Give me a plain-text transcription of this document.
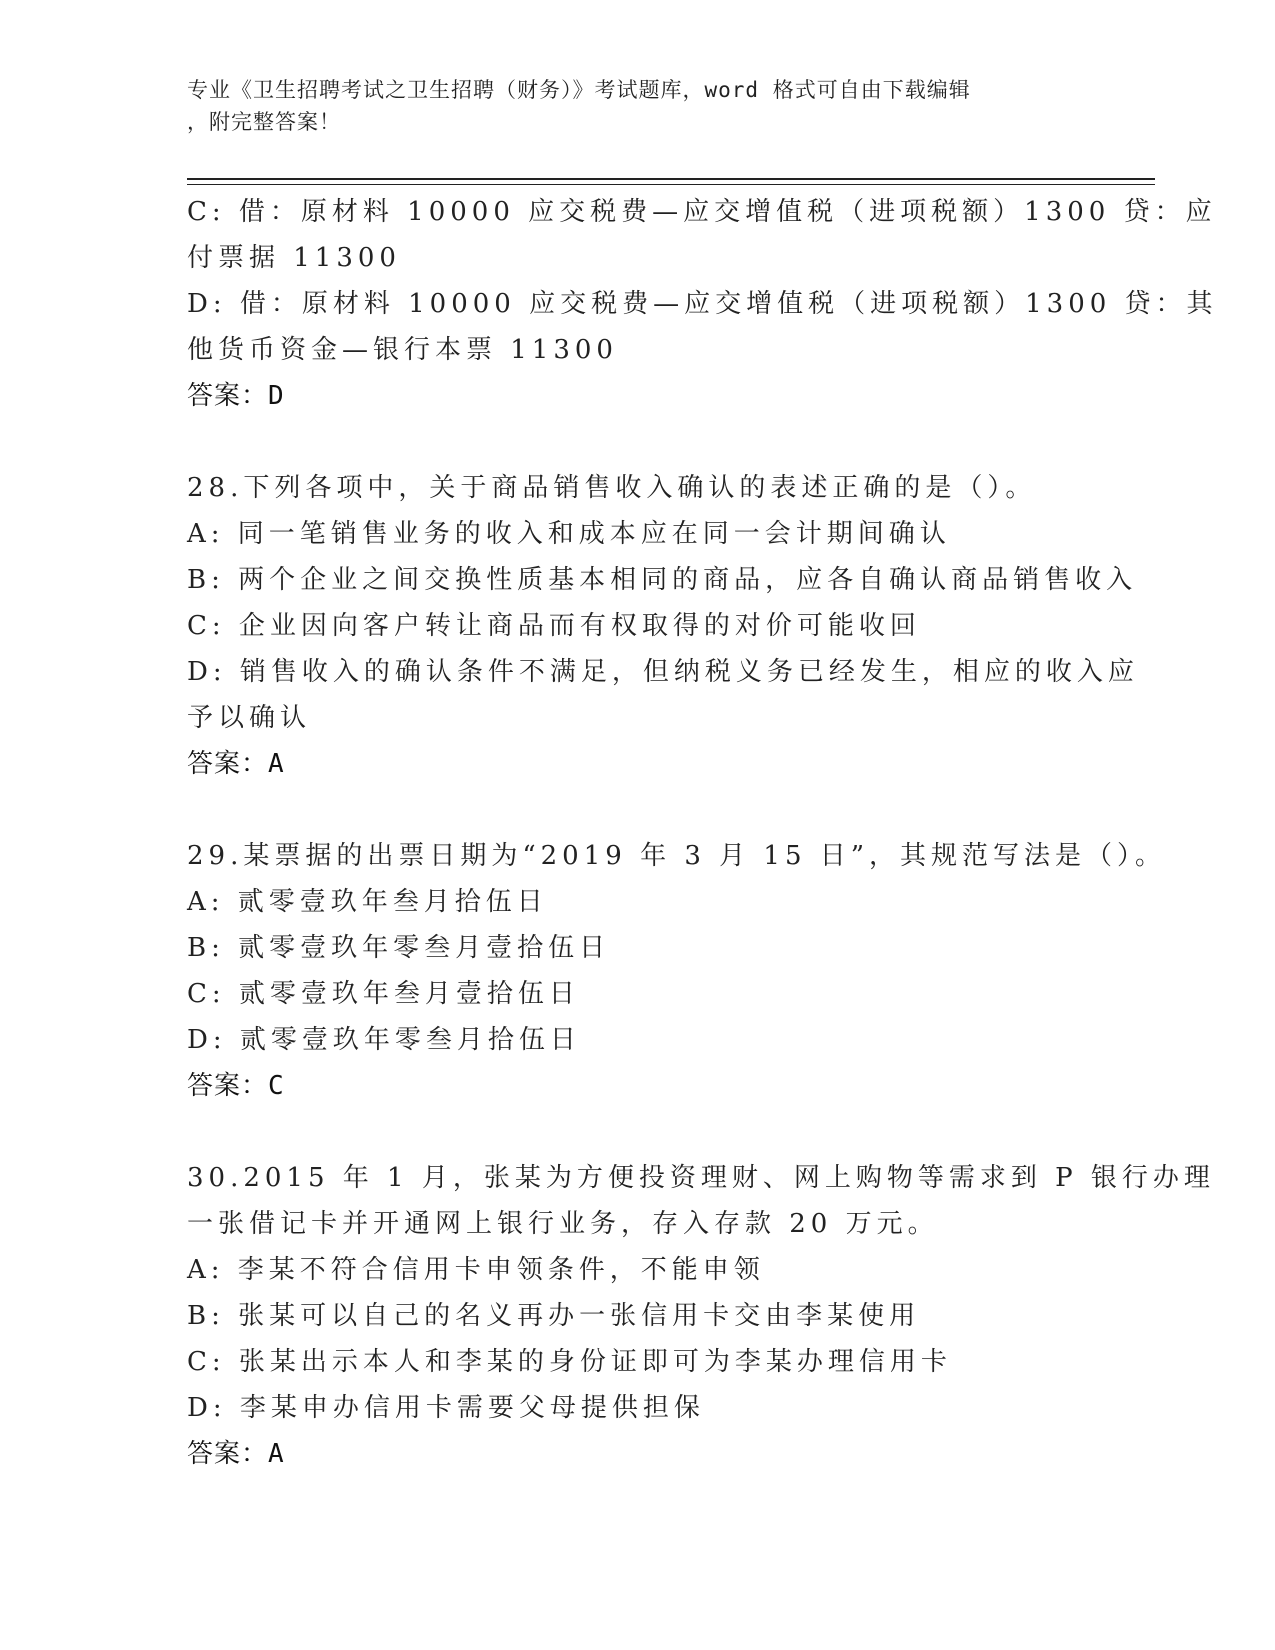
专业《卫生招聘考试之卫生招聘（财务）》考试题库，word 格式可自由下载编辑
，附完整答案！
C: 借：原材料 10000 应交税费—应交增值税（进项税额）1300 贷：应
付票据 11300
D: 借：原材料 10000 应交税费—应交增值税（进项税额）1300 贷：其
他货币资金—银行本票 11300
答案：D
28.下列各项中，关于商品销售收入确认的表述正确的是（）。
A: 同一笔销售业务的收入和成本应在同一会计期间确认
B: 两个企业之间交换性质基本相同的商品，应各自确认商品销售收入
C: 企业因向客户转让商品而有权取得的对价可能收回
D: 销售收入的确认条件不满足，但纳税义务已经发生，相应的收入应
予以确认
答案：A
29.某票据的出票日期为“2019 年 3 月 15 日”，其规范写法是（）。
A: 贰零壹玖年叁月拾伍日
B: 贰零壹玖年零叁月壹拾伍日
C: 贰零壹玖年叁月壹拾伍日
D: 贰零壹玖年零叁月拾伍日
答案：C
30.2015 年 1 月，张某为方便投资理财、网上购物等需求到 P 银行办理
一张借记卡并开通网上银行业务，存入存款 20 万元。
A: 李某不符合信用卡申领条件，不能申领
B: 张某可以自己的名义再办一张信用卡交由李某使用
C: 张某出示本人和李某的身份证即可为李某办理信用卡
D: 李某申办信用卡需要父母提供担保
答案：A
